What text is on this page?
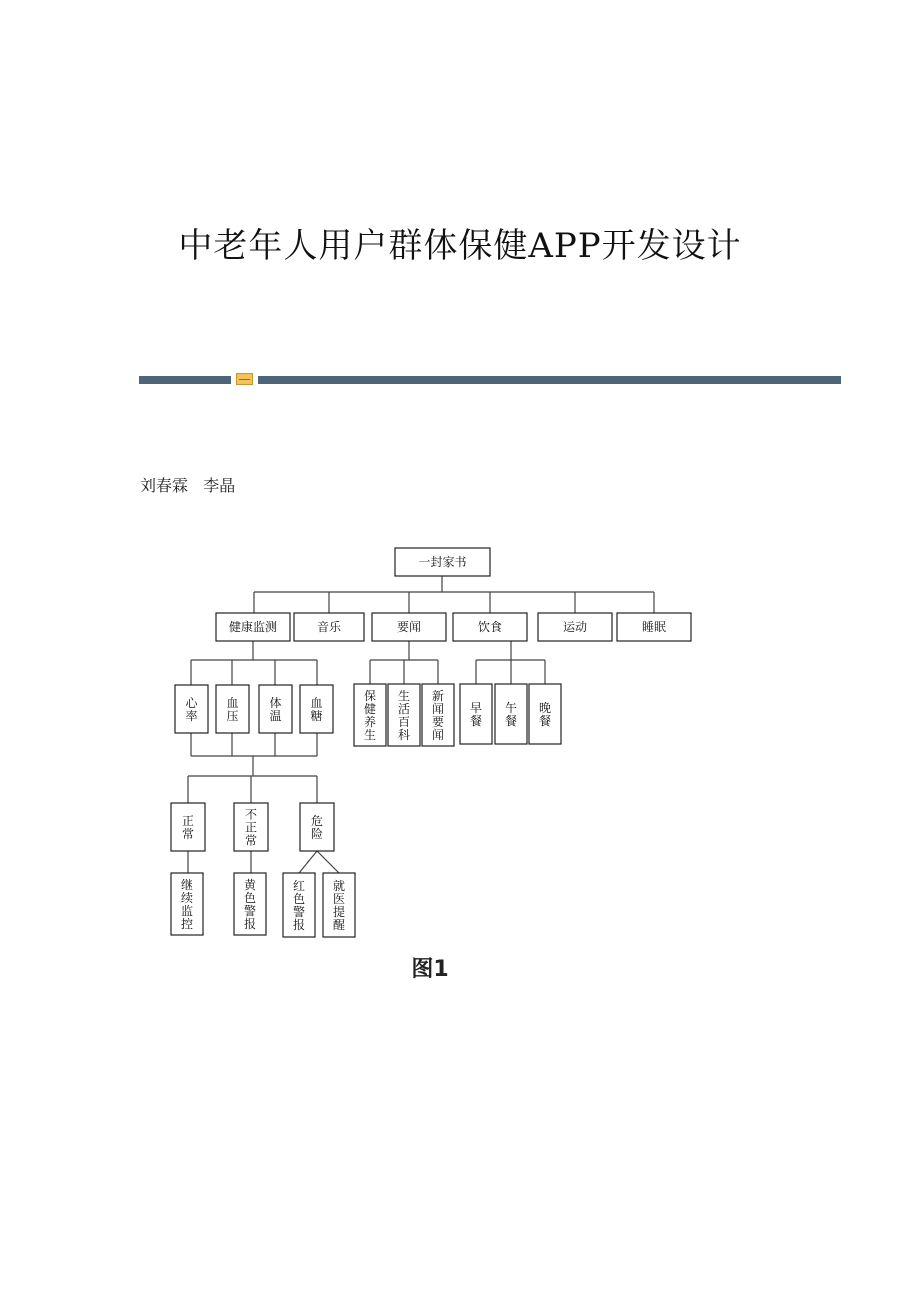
中老年人用户群体保健APP开发设计
刘春霖   李晶
一封家书
健康监测	音乐	要闻	饮食	运动	睡眠
心率
血压
体温
血糖
保健养生
生活百科
新闻要闻
早餐
午餐
晚餐
正常
不正常
危险
继续监控
黄色警报
红色警报
就医提醒
图1
